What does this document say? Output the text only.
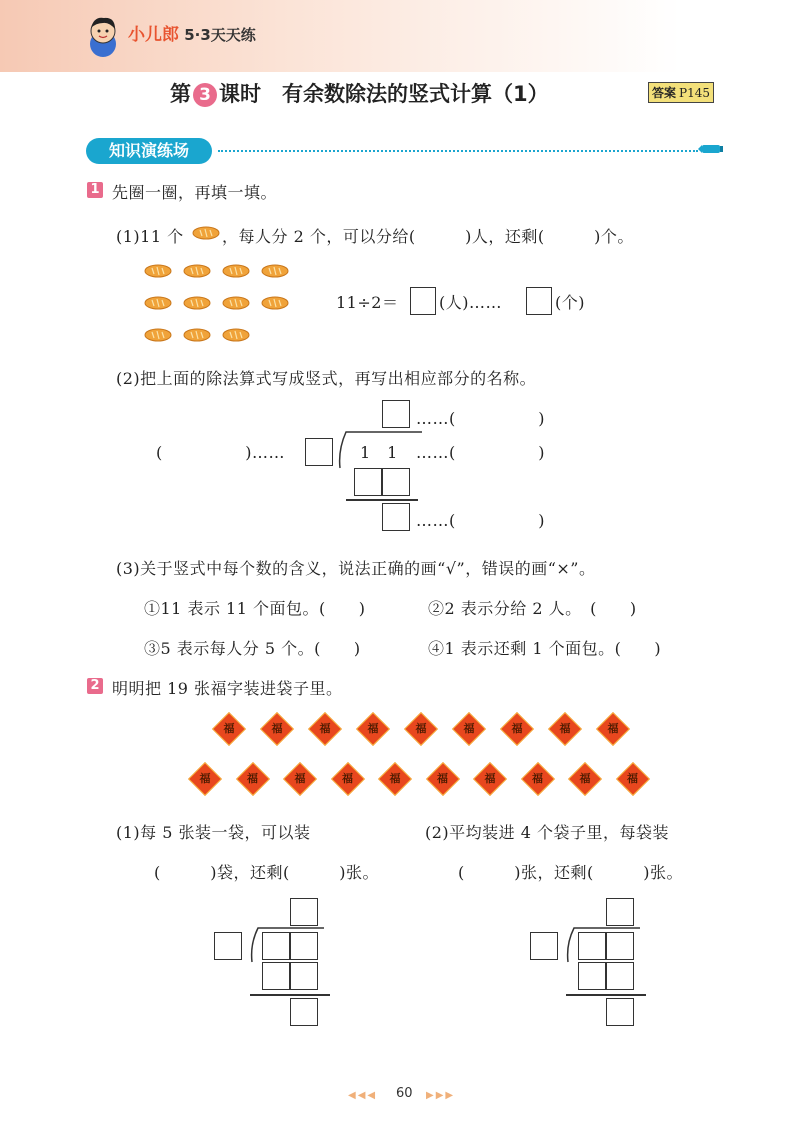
小儿郎 5·3天天练
第 3 课时　有余数除法的竖式计算（1）	答案 P145
知识演练场
1 先圈一圈，再填一填。
(1)11 个 ，每人分 2 个，可以分给(　　　)人，还剩(　　　)个。
11÷2＝	(人)……	(个)
(2)把上面的除法算式写成竖式，再写出相应部分的名称。
……(　　　　　)
(　　　　　)……	1　1 ……(　　　　　)
……(　　　　　)
(3)关于竖式中每个数的含义，说法正确的画“√”，错误的画“×”。
①11 表示 11 个面包。(　　)	②2 表示分给 2 人。　(　　)
③5 表示每人分 5 个。(　　)	④1 表示还剩 1 个面包。(　　)
2 明明把 19 张福字装进袋子里。
福	福	福	福	福	福	福	福	福
福	福	福	福	福	福	福	福	福	福
(1)每 5 张装一袋，可以装
(　　　)袋，还剩(　　　)张。
(2)平均装进 4 个袋子里，每袋装
(　　　)张，还剩(　　　)张。
◀◀◀ 60 ▶▶▶
